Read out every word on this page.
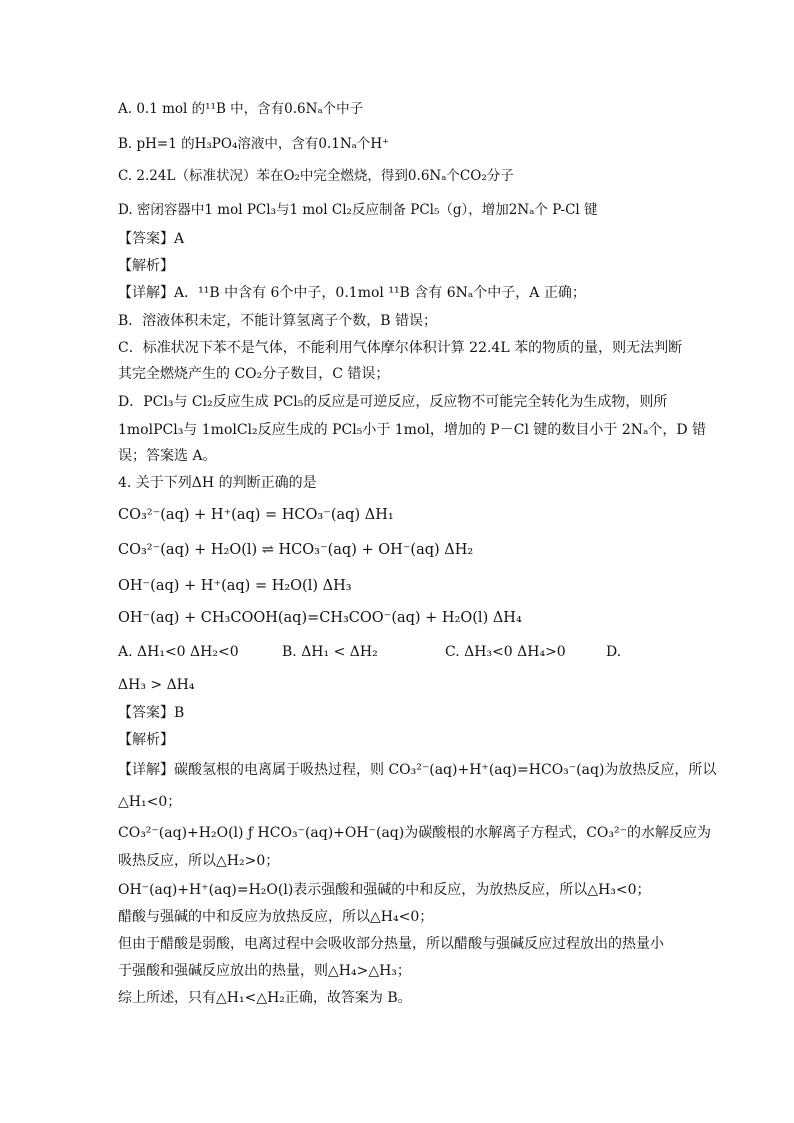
A. 0.1 mol 的¹¹B 中，含有0.6Nₐ个中子
B. pH=1 的H₃PO₄溶液中，含有0.1Nₐ个H⁺
C. 2.24L（标准状况）苯在O₂中完全燃烧，得到0.6Nₐ个CO₂分子
D. 密闭容器中1 mol PCl₃与1 mol Cl₂反应制备 PCl₅（g），增加2Nₐ个 P-Cl 键
【答案】A
【解析】
【详解】A．¹¹B 中含有 6个中子，0.1mol ¹¹B 含有 6Nₐ个中子，A 正确；
B．溶液体积未定，不能计算氢离子个数，B 错误；
C．标准状况下苯不是气体，不能利用气体摩尔体积计算 22.4L 苯的物质的量，则无法判断
其完全燃烧产生的 CO₂分子数目，C 错误；
D．PCl₃与 Cl₂反应生成 PCl₅的反应是可逆反应，反应物不可能完全转化为生成物，则所
1molPCl₃与 1molCl₂反应生成的 PCl₅小于 1mol，增加的 P－Cl 键的数目小于 2Nₐ个，D 错
误；答案选 A。
4. 关于下列ΔH 的判断正确的是
CO₃²⁻(aq) + H⁺(aq) = HCO₃⁻(aq) ΔH₁
CO₃²⁻(aq) + H₂O(l) ⇌ HCO₃⁻(aq) + OH⁻(aq) ΔH₂
OH⁻(aq) + H⁺(aq) = H₂O(l) ΔH₃
OH⁻(aq) + CH₃COOH(aq)=CH₃COO⁻(aq) + H₂O(l) ΔH₄
A. ΔH₁<0 ΔH₂<0	B. ΔH₁ < ΔH₂	C. ΔH₃<0 ΔH₄>0	D.
ΔH₃ > ΔH₄
【答案】B
【解析】
【详解】碳酸氢根的电离属于吸热过程，则 CO₃²⁻(aq)+H⁺(aq)=HCO₃⁻(aq)为放热反应，所以
△H₁<0；
CO₃²⁻(aq)+H₂O(l) ƒ HCO₃⁻(aq)+OH⁻(aq)为碳酸根的水解离子方程式，CO₃²⁻的水解反应为
吸热反应，所以△H₂>0；
OH⁻(aq)+H⁺(aq)=H₂O(l)表示强酸和强碱的中和反应，为放热反应，所以△H₃<0；
醋酸与强碱的中和反应为放热反应，所以△H₄<0；
但由于醋酸是弱酸，电离过程中会吸收部分热量，所以醋酸与强碱反应过程放出的热量小
于强酸和强碱反应放出的热量，则△H₄>△H₃；
综上所述，只有△H₁<△H₂正确，故答案为 B。
